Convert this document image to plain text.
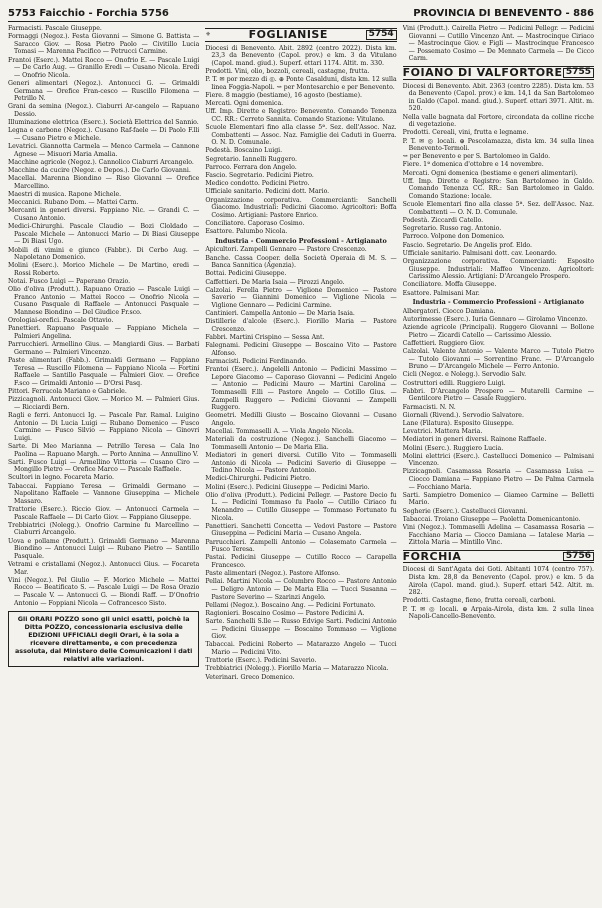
5753 Faicchio - Forchia 5756	PROVINCIA DI BENEVENTO - 886

Farmacisti. Pascale Giuseppe.

Formaggi (Negoz.). Festa Giovanni — Simone G. Battista — Saracco Giov. — Rosa Pietro Paolo — Civitillo Lucia Tomasi — Marenna Pacifico — Petrucci Carmine.

Frantoi (Eserc.). Mattei Rocco — Onofrio E. — Pascale Luigi — De Carlo Aug. — Granillo Eredi — Cusano Nicola. Eredi — Onofrio Nicola.

Generi alimentari (Negoz.). Antonucci G. — Grimaldi Germana — Orefice Fran-cesco — Ruscillo Filomena — Petrillo N.

Grani da semina (Negoz.). Ciaburri Ar-cangelo — Rapuano Dessio.

Illuminazione elettrica (Eserc.). Società Elettrica del Sannio.

Legna e carbone (Negoz.). Cusano Raf-faele — Di Paolo F.lli — Cusano Pietro e Michele.

Levatrici. Giannotta Carmela — Menco Carmela — Cannone Agnese — Misuori Maria Amalia.

Macchine agricole (Negoz.). Cannolico Ciaburri Arcangelo.

Macchine da cucire (Negoz. e Depos.). De Carlo Giovanni.

Macellai. Marenna Biondino — Riso Giovanni — Orefice Marcellino.

Maestri di musica. Rapone Michele.

Meccanici. Rubano Dom. — Mattei Carm.

Mercanti in generi diversi. Fappiano Nic. — Grandi C. — Cusano Antonio.

Medici-Chirurghi. Pascale Claudio — Bozi Cloldado — Pascale Michele — Antonucci Mario — Di Biasi Giuseppe — Di Biasi Ugo.

Mobili di vimini e giunco (Fabbr.). Di Cerbo Aug. — Napoletano Domenico.

Molini (Eserc.). Morico Michele — De Martino, eredi — Rossi Roberto.

Notai. Fusco Luigi — Paperano Orazio.

Olio d'oliva (Produtt.). Rapuano Orazio — Pascale Luigi — Franco Antonio — Mattei Rocco — Onofrio Nicola — Cusano Pasquale di Raffaele — Antonucci Pasquale — Mannese Biondino — Del Giudice Fr.sco.

Orologiai-orefici. Pascale Ottavio.

Panettieri. Rapuano Pasquale — Fappiano Michela — Palmieri Angelina.

Parrucchieri. Armellino Gius. — Mangiardi Gius. — Barbati Germano — Palmieri Vincenzo.

Paste alimentari (Fabb.). Grimaldi Germano — Fappiano Teresa — Ruscillo Filomena — Fappiano Nicola — Fortini Raffaele — Santillo Pasquale — Palmieri Giov. — Orefice F.sco — Grimaldi Antonio — D'Orsi Pasq.

Pittori. Ferrucola Mariano e Gabriele.

Pizzicagnoli. Antonucci Giov. — Morico M. — Palmieri Gius. — Ricciardi Bern.

Ragli e ferri. Antonucci Ig. — Pascale Par. Ramal. Luigino Antonio — Di Lucia Luigi — Rubano Domenico — Fusco Carmine — Fusco Silvio — Fappiano Nicola — Ginovri Luigi.

Sarte. Di Meo Marianna — Petrillo Teresa — Cala Ino Paolina — Rapuano Margh. — Porto Annina — Annullino V.

Sarti. Fusco Luigi — Armellino Vittoria — Cusano Ciro — Mongillo Pietro — Orefice Marco — Pascale Raffaele.

Scultori in legno. Focareta Mario.

Tabaccai. Fappiano Teresa — Grimaldi Germano — Napolitano Raffaele — Vannone Giuseppina — Michele Massaro.

Trattorie (Eserc.). Riccio Giov. — Antonucci Carmela — Pascale Raffaele — Di Carlo Giov. — Fappiano Giuseppe.

Trebbiatrici (Nolegg.). Onofrio Carmine fu Marcellino — Ciaburri Arcangelo.

Uova e pollame (Produtt.). Grimaldi Germano — Marenna Biondino — Antonucci Luigi — Rubano Pietro — Santillo Pasquale.

Vetrami e cristallami (Negoz.). Antonucci Gius. — Focareta Mar.

Vini (Negoz.). Pel Giulio — F. Morico Michele — Mattei Rocco — Beatificato S. — Pascale Luigi — De Rosa Orazio — Pascale V. — Antonucci G. — Biondi Raff. — D'Onofrio Antonio — Foppiani Nicola — Cofrancesco Sisto.

Gli ORARI POZZO sono gli unici esatti, poichè la Ditta POZZO, concessionaria esclusiva delle EDIZIONI UFFICIALI degli Orari, è la sola a ricevere direttamente, e con precedenza assoluta, dal Ministero delle Comunicazioni i dati relativi alle variazioni.
⚜	FOGLIANISE	5754

Diocesi di Benevento. Abit. 2892 (centro 2022). Dista km. 23,3 da Benevento (Capol. prov.) e km. 3 da Vitulano (Capol. mand. giud.). Superf. ettari 1174. Altit. m. 330.

Prodotti. Vini, olio, bozzoli, cereali, castagne, frutta.

P. T. ✉ por mezzo di ◎. ⊕ Ponte Casalduni, dista km. 12 sulla linea Foggia-Napoli. ⇝ per Montesarchio e per Benevento.

Fiere. 8 maggio (bestiame), 16 agosto (bestiame).

Mercati. Ogni domenica.

Uff. Imp. Dirette e Registro: Benevento. Comando Tenenza CC. RR.: Cerreto Sannita. Comando Stazione: Vitulano.

Scuole Elementari fino alla classe 5ª. Sez. dell'Assoc. Naz. Combattenti — Assoc. Naz. Famiglie dei Caduti in Guerra. O. N. D. Comunale.

Podestà. Boscaino Luigi.

Segretario. Iannelli Ruggero.

Parroco. Ferrara don Angelo.

Fascio. Segretario. Pedicini Pietro.

Medico condotto. Pedicini Pietro.

Ufficiale sanitario. Pedicini dott. Mario.

Organizzazione corporativa. Commercianti: Sanchelli Giacomo. Industriali: Pedicini Giacomo. Agricoltori: Boffa Cosimo. Artigiani: Pastore Enrico.

Conciliatore. Caporaso Cosimo.

Esattore. Palumbo Nicola.

Industria - Commercio Professioni - Artigianato

Apicultori. Zampelli Gennaro — Pastore Crescenzo.

Banche. Cassa Cooper. della Società Operaia di M. S. — Banca Sannitica (Agenzia).

Bottai. Pedicini Giuseppe.

Caffettieri. De Maria Isaia — Pirozzi Angelo.

Calzolai. Ferella Pietro — Viglione Domenico — Pastore Saverio — Giannini Domenico — Viglione Nicola — Viglione Gennaro — Pedicini Carmine.

Cantinieri. Campella Antonio — De Maria Isaia.

Distillerie d'alcole (Eserc.). Fiorillo Maria — Pastore Crescenzo.

Fabbri. Martini Crispino — Sessa Ant.

Falegnami. Pedicini Giuseppe — Boscaino Vito — Pastore Alfonso.

Farmacisti. Pedicini Ferdinando.

Frantoi (Eserc.). Angelelli Antonio — Pedicini Massimo — Lepore Giacomo — Caporaso Giovanni — Pedicini Angelo — Antonio — Pedicini Mauro — Martini Carolina — Tommaselli F.lli — Pastore Angelo — Cotillo Gius. — Zampelli Ruggero — Pedicini Giovanni — Zampelli Ruggero.

Geometri. Medilli Giusto — Boscaino Giovanni — Cusano Angelo.

Macellai. Tommaselli A. — Viola Angelo Nicola.

Materiali da costruzione (Negoz.). Sanchelli Giacomo — Tommaselli Antonio — De Maria Elia.

Mediatori in generi diversi. Cutillo Vito — Tommaselli Antonio di Nicola — Pedicini Saverio di Giuseppe — Tedino Nicola — Pastore Antonio.

Medici-Chirurghi. Pedicini Pietro.

Molini (Eserc.). Pedicini Giuseppe — Pedicini Mario.

Olio d'oliva (Produtt.). Pedicini Pellegr. — Pastore Decio fu L. — Pedicini Tommaso fu Paolo — Cutillo Ciriaco fu Menandro — Cutillo Giuseppe — Tommaso Fortunato fu Nicola.

Panettieri. Sanchetti Concetta — Vedovi Pastore — Pastore Giuseppina — Pedicini Maria — Cusano Angela.

Parrucchieri. Zampelli Antonio — Colasemato Carmela — Fusco Teresa.

Pastai. Pedicini Giuseppe — Cutillo Rocco — Carapella Francesco.

Paste alimentari (Negoz.). Pastore Alfonso.

Pellai. Martini Nicola — Columbro Rocco — Pastore Antonio — Deligro Antonio — De Maria Elia — Tucci Susanna — Pastore Severino — Szarinzi Angelo.

Pellami (Negoz.). Boscaino Ang. — Pedicini Fortunato.

Ragionieri. Boscaino Cosimo — Pastore Pedicini A.

Sarte. Sanchelli S.lle — Russo Edvige Sarti. Pedicini Antonio — Pedicini Giuseppe — Boscaino Tommaso — Viglione Giov.

Tabaccai. Pedicini Roberto — Matarazzo Angelo — Tucci Mario — Pedicini Vito.

Trattorie (Eserc.). Pedicini Saverio.

Trebbiatrici (Nolegg.). Fiorillo Maria — Matarazzo Nicola.

Veterinari. Greco Domenico.

Vini (Produtt.). Cairella Pietro — Pedicini Pellegr. — Pedicini Giovanni — Cutillo Vincenzo Ant. — Mastrocinque Ciriaco — Mastrocinque Giov. e Figli — Mastrocinque Francesco — Possemato Cosimo — De Mennato Carmela — De Cicco Carm.

FOIANO DI VALFORTORE 5755

Diocesi di Benevento. Abit. 2363 (centro 2285). Dista km. 53 da Benevento (Capol. prov.) e km. 14,1 da San Bartolomeo in Galdo (Capol. mand. giud.). Superf. ettari 3971. Altit. m. 520.

Nella valle bagnata dal Fortore, circondata da colline ricche di vegetazione.

Prodotti. Cereali, vini, frutta e legname.

P. T. ✉ ◎ locali. ⊕ Pescolamazza, dista km. 34 sulla linea Benevento-Termoli.

⇝ per Benevento e per S. Bartolomeo in Galdo.

Fiere. 1ª domenica d'ottobre e 14 novembre.

Mercati. Ogni domenica (bestiame e generi alimentari).

Uff. Imp. Dirette e Registro: San Bartolomeo in Galdo. Comando Tenenza CC. RR.: San Bartolomeo in Galdo. Comando Stazione: locale.

Scuole Elementari fino alla classe 5ª. Sez. dell'Assoc. Naz. Combattenti — O. N. D. Comunale.

Podestà. Ziccardi Catello.

Segretario. Russo rag. Antonio.

Parroco. Volpone don Domenico.

Fascio. Segretario. De Angelis prof. Eldo.

Ufficiale sanitario. Palmisani dott. cav. Leonardo.

Organizzazione corporativa. Commercianti: Esposito Giuseppe. Industriali: Maffeo Vincenzo. Agricoltori: Carissimo Alessio. Artigiani: D'Arcangelo Prospero.

Conciliatore. Moffa Giuseppe.

Esattore. Palmisani Mar.

Industria - Commercio Professioni - Artigianato

Albergatori. Ciocco Damiana.

Autorimesse (Eserc.). Iuria Gennaro — Girolamo Vincenzo.

Aziende agricole (Principali). Ruggero Giovanni — Bollone Pietro — Zicardi Catello — Carissimo Alessio.

Caffettieri. Ruggiero Giov.

Calzolai. Valente Antonio — Valente Marco — Tutolo Pietro — Tutolo Giovanni — Sorrentino Franc. — D'Arcangelo Bruno — D'Arcangelo Michele — Ferro Antonio.

Cicli (Negoz. e Nolegg.). Servodio Salv.

Costruttori edili. Ruggiero Luigi.

Fabbri. D'Arcangelo Prospero — Mutarelli Carmine — Gentilcore Pietro — Casale Ruggiero.

Farmacisti. N. N.

Giornali (Rivend.). Servodio Salvatore.

Lane (Filatura). Esposito Giuseppe.

Levatrici. Mattera Maria.

Mediatori in generi diversi. Rainone Raffaele.

Molini (Eserc.). Ruggiero Lucia.

Molini elettrici (Eserc.). Castellucci Domenico — Palmisani Vincenzo.

Pizzicagnoli. Casamassa Rosaria — Casamassa Luisa — Ciocco Damiana — Fappiano Pietro — De Palma Carmela — Focchiano Maria.

Sarti. Sampietro Domenico — Giameo Carmine — Belletti Mario.

Segherie (Eserc.). Castellucci Giovanni.

Tabaccai. Troiano Giuseppe — Paoletta Domenicantonio.

Vini (Negoz.). Tommaselli Adelina — Casamassa Rosaria — Facchiano Maria — Ciocco Damiana — Iatalese Maria — Zittola Maria — Mintillo Vinc.

FORCHIA	5756

Diocesi di Sant'Agata dei Goti. Abitanti 1074 (centro 757). Dista km. 28,8 da Benevento (Capol. prov.) e km. 5 da Airola (Capol. mand. giud.). Superf. ettari 542. Altit. m. 282.

Prodotti. Castagne, fieno, frutta cereali, carboni.

P. T. ✉ ◎ locali. ⊕ Arpaia-Airola, dista km. 2 sulla linea Napoli-Cancello-Benevento.
